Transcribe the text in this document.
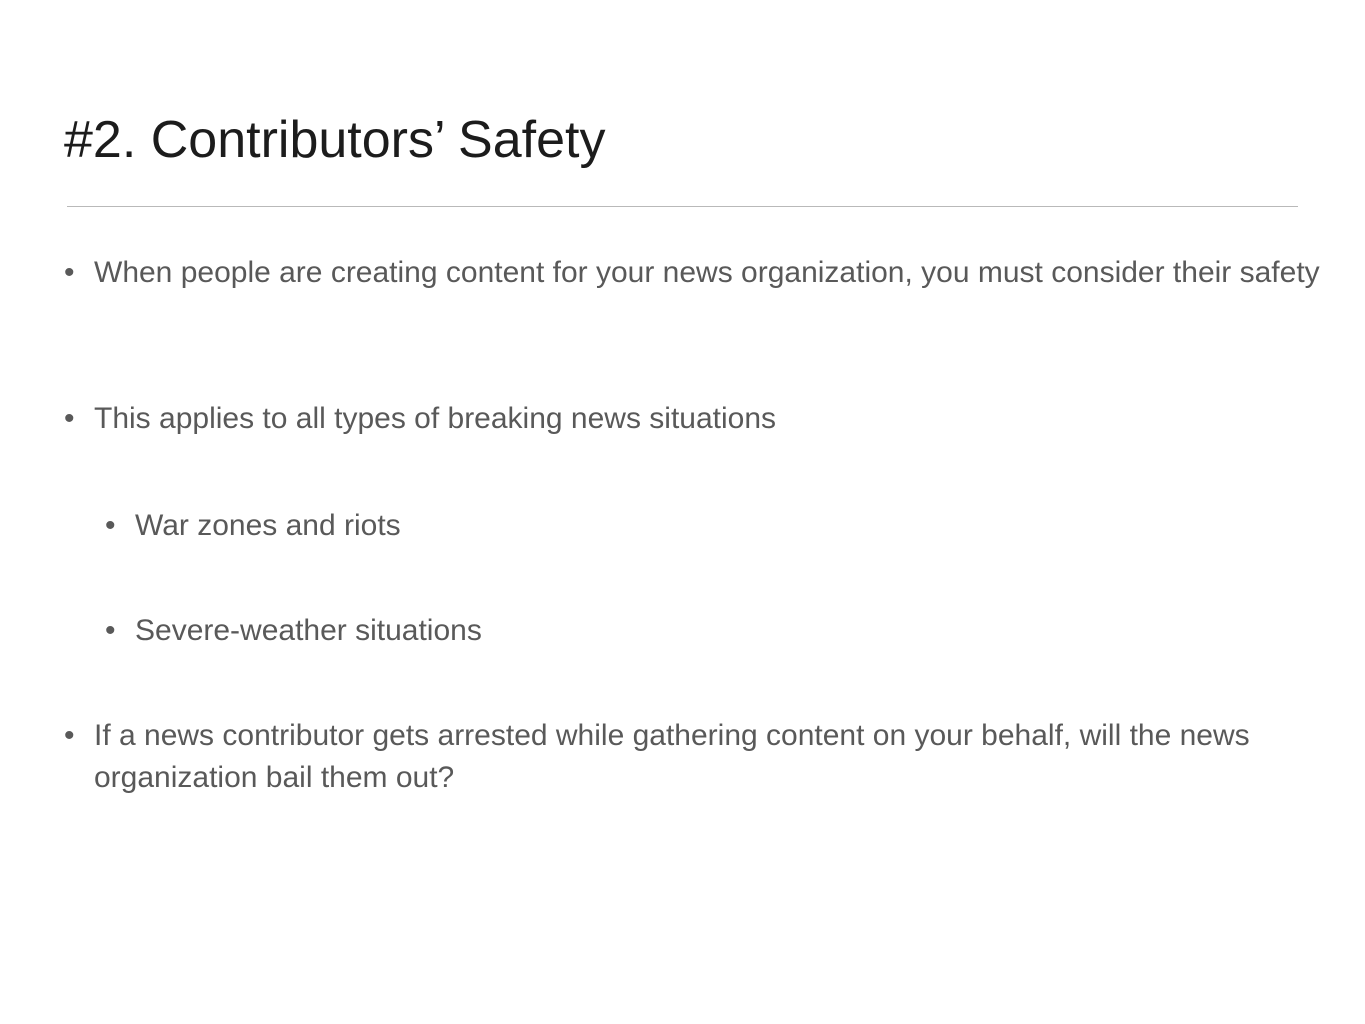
#2. Contributors’ Safety
• When people are creating content for your news organization, you must consider their safety
• This applies to all types of breaking news situations
• War zones and riots
• Severe-weather situations
• If a news contributor gets arrested while gathering content on your behalf, will the news organization bail them out?
